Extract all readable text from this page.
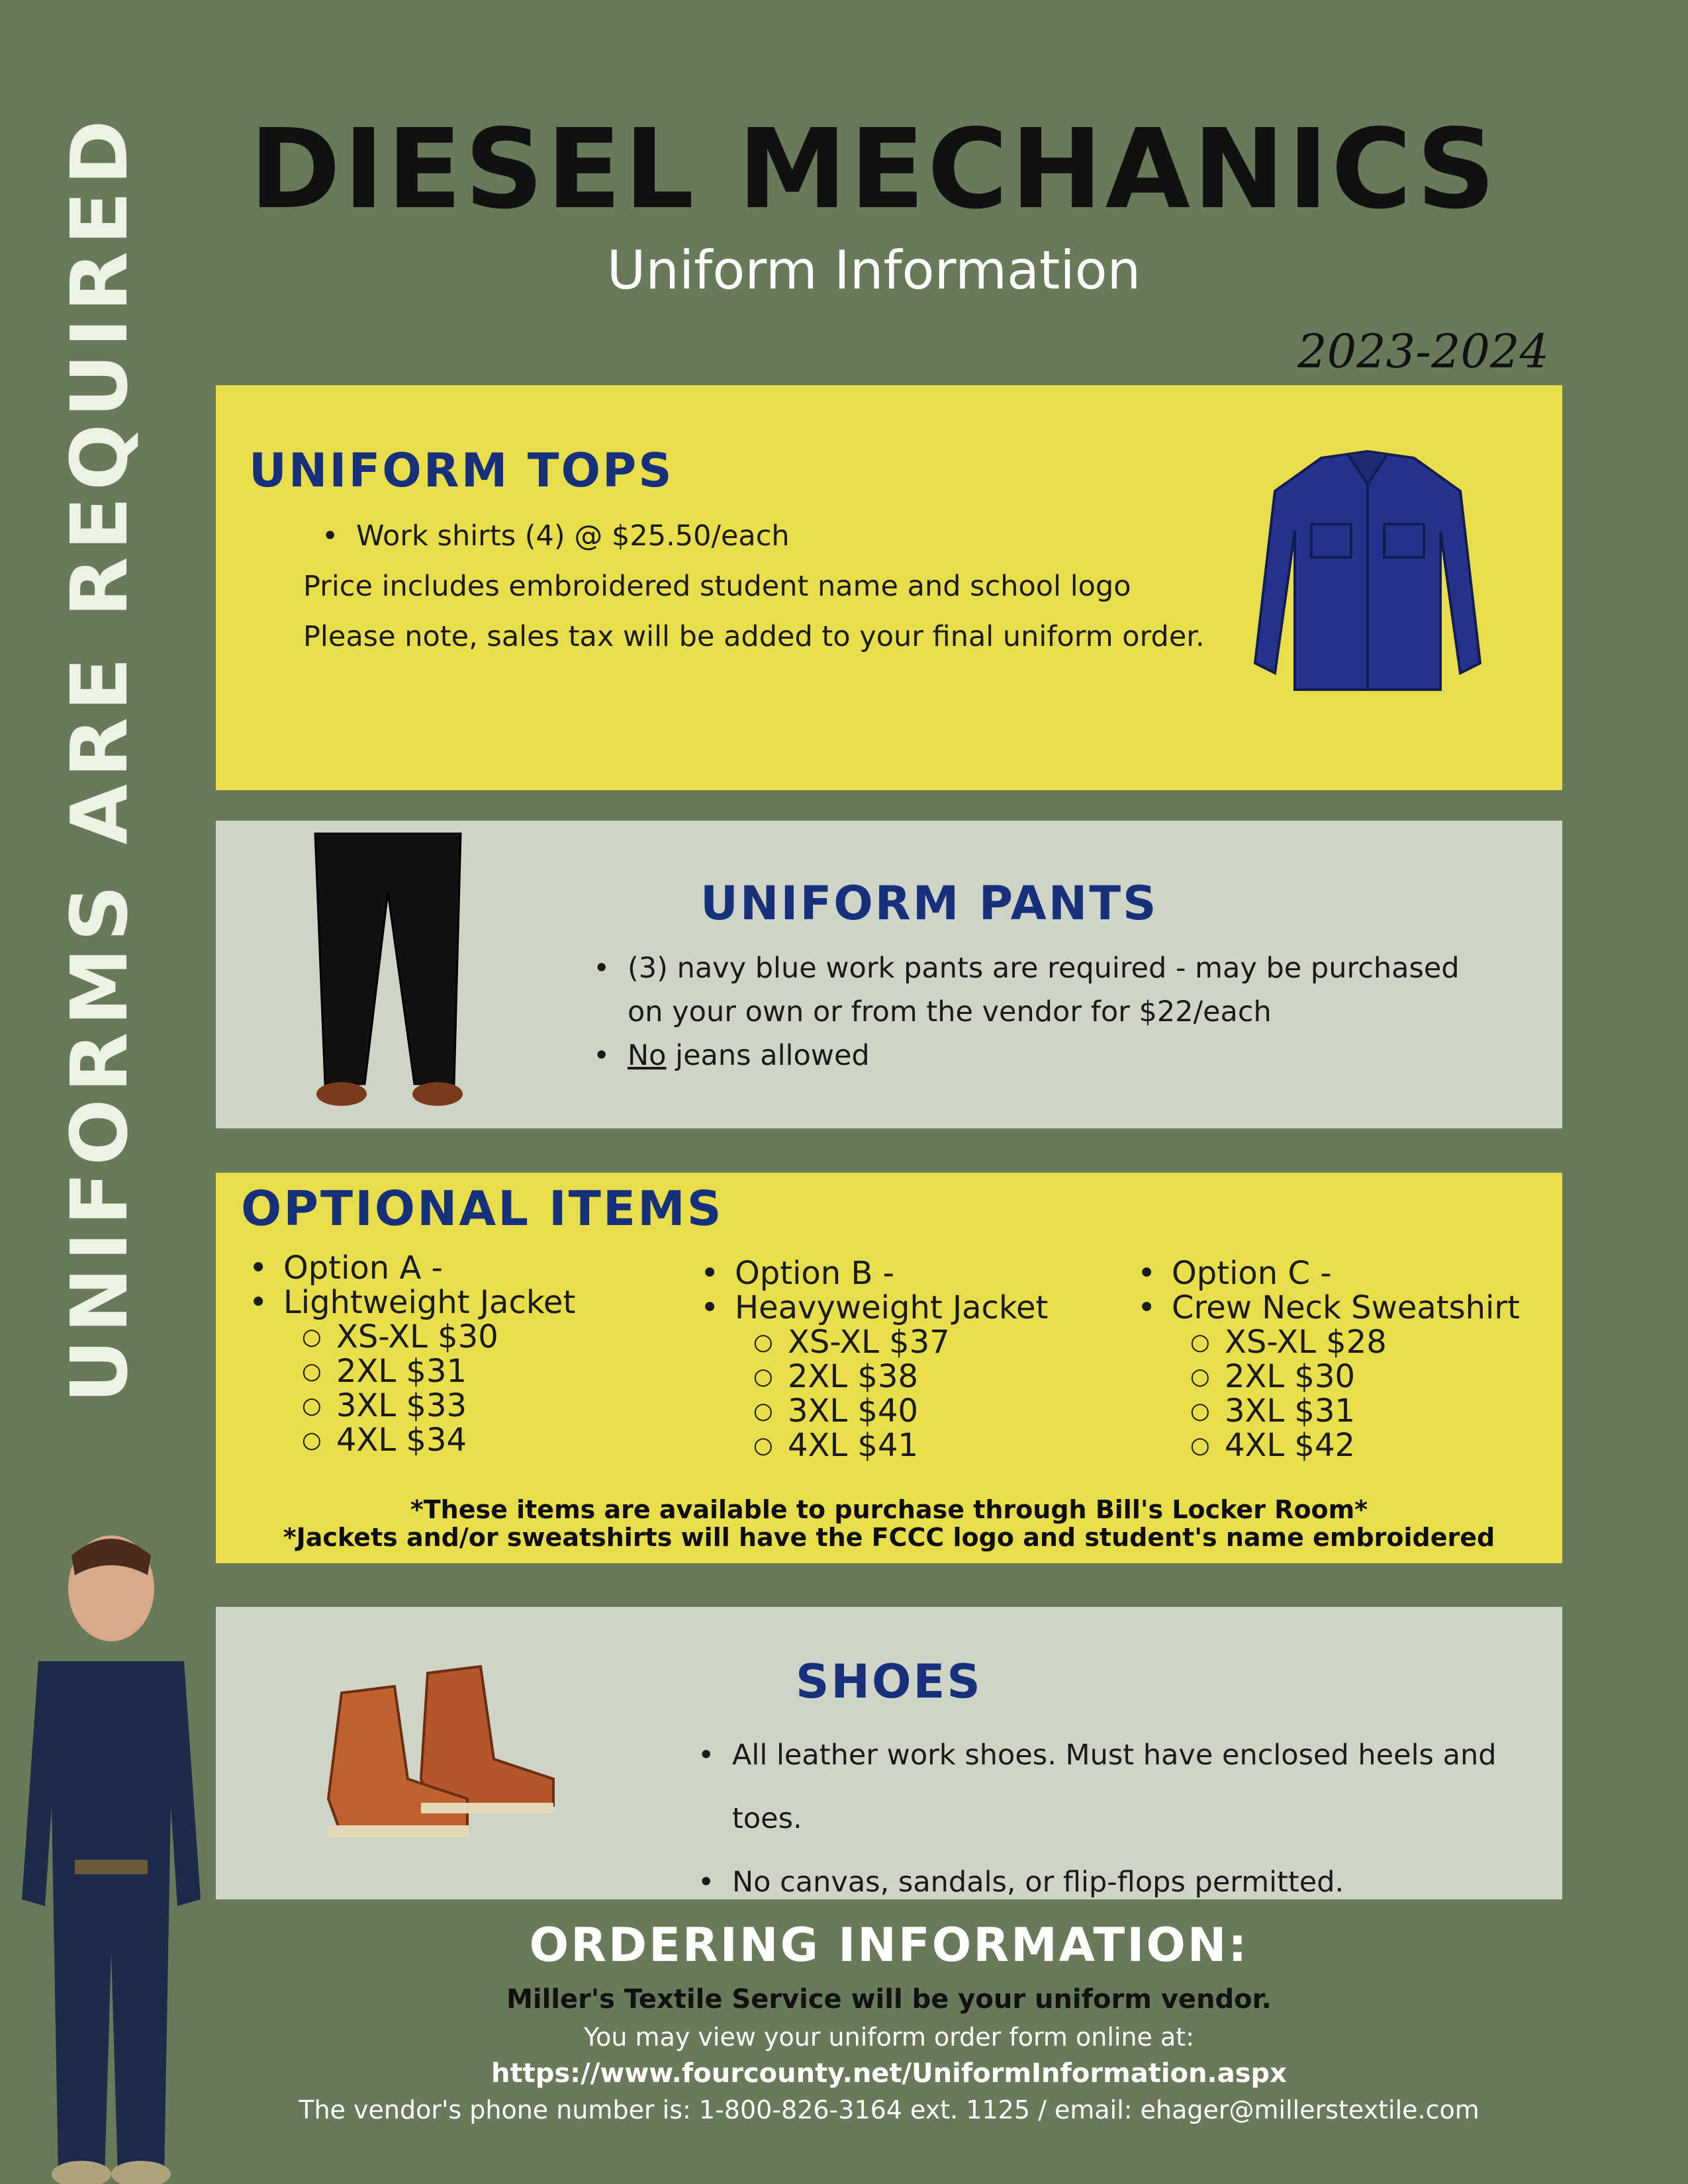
DIESEL MECHANICS
Uniform Information
2023-2024
UNIFORMS ARE REQUIRED	UNIFORM TOPS
• Work shirts (4) @ $25.50/each
Price includes embroidered student name and school logo
Please note, sales tax will be added to your final uniform order.
UNIFORM PANTS
• (3) navy blue work pants are required - may be purchased
on your own or from the vendor for $22/each
• No jeans allowed
OPTIONAL ITEMS
• Option A -
• Lightweight Jacket
○ XS-XL $30
○ 2XL $31
○ 3XL $33
○ 4XL $34
• Option B -
• Heavyweight Jacket
○ XS-XL $37
○ 2XL $38
○ 3XL $40
○ 4XL $41
• Option C -
• Crew Neck Sweatshirt
○ XS-XL $28
○ 2XL $30
○ 3XL $31
○ 4XL $42
*These items are available to purchase through Bill's Locker Room*
*Jackets and/or sweatshirts will have the FCCC logo and student's name embroidered
SHOES
• All leather work shoes. Must have enclosed heels and toes.
• No canvas, sandals, or flip-flops permitted.
ORDERING INFORMATION:
Miller's Textile Service will be your uniform vendor.
You may view your uniform order form online at:
https://www.fourcounty.net/UniformInformation.aspx
The vendor's phone number is: 1-800-826-3164 ext. 1125 / email: ehager@millerstextile.com
